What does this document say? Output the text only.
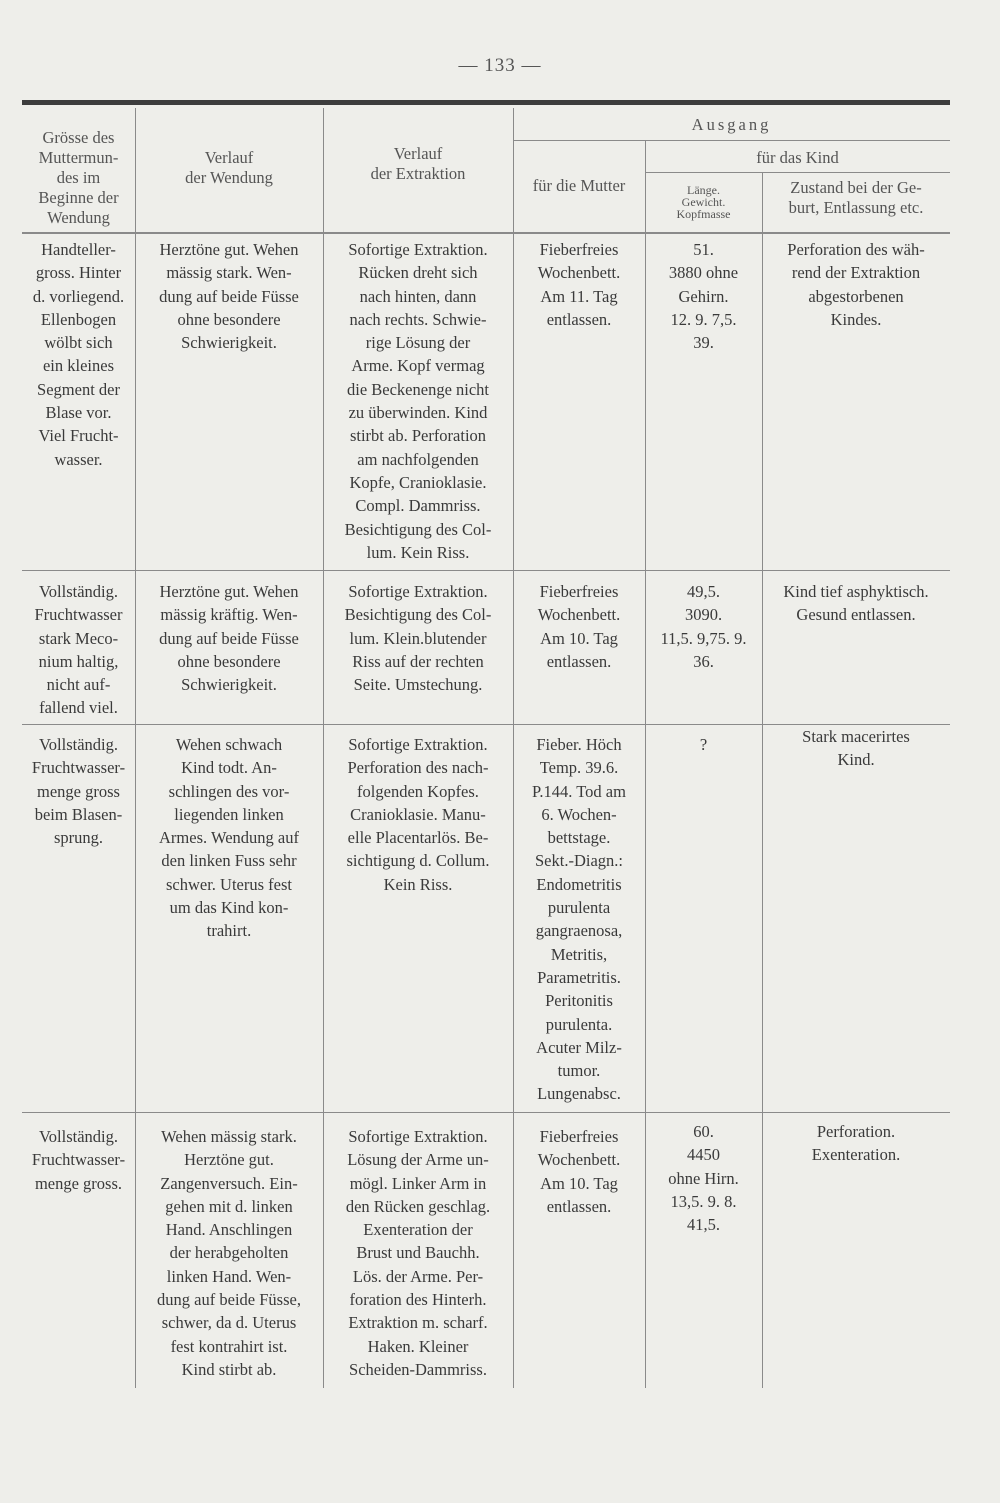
— 133 —
Grösse des
Muttermun-
des im
Beginne der
Wendung
Verlauf
der Wendung
Verlauf
der Extraktion
Ausgang
für die Mutter
für das Kind
Länge.
Gewicht.
Kopfmasse
Zustand bei der Ge-
burt, Entlassung etc.
Handteller-
gross. Hinter
d. vorliegend.
Ellenbogen
wölbt sich
ein kleines
Segment der
Blase vor.
Viel Frucht-
wasser.
Herztöne gut. Wehen
mässig stark. Wen-
dung auf beide Füsse
ohne besondere
Schwierigkeit.
Sofortige Extraktion.
Rücken dreht sich
nach hinten, dann
nach rechts. Schwie-
rige Lösung der
Arme. Kopf vermag
die Beckenenge nicht
zu überwinden. Kind
stirbt ab. Perforation
am nachfolgenden
Kopfe, Cranioklasie.
Compl. Dammriss.
Besichtigung des Col-
lum. Kein Riss.
Fieberfreies
Wochenbett.
Am 11. Tag
entlassen.
51.
3880 ohne
Gehirn.
12. 9. 7,5.
39.
Perforation des wäh-
rend der Extraktion
abgestorbenen
Kindes.
Vollständig.
Fruchtwasser
stark Meco-
nium haltig,
nicht auf-
fallend viel.
Herztöne gut. Wehen
mässig kräftig. Wen-
dung auf beide Füsse
ohne besondere
Schwierigkeit.
Sofortige Extraktion.
Besichtigung des Col-
lum. Klein.blutender
Riss auf der rechten
Seite. Umstechung.
Fieberfreies
Wochenbett.
Am 10. Tag
entlassen.
49,5.
3090.
11,5. 9,75. 9.
36.
Kind tief asphyktisch.
Gesund entlassen.
Vollständig.
Fruchtwasser-
menge gross
beim Blasen-
sprung.
Wehen schwach
Kind todt. An-
schlingen des vor-
liegenden linken
Armes. Wendung auf
den linken Fuss sehr
schwer. Uterus fest
um das Kind kon-
trahirt.
Sofortige Extraktion.
Perforation des nach-
folgenden Kopfes.
Cranioklasie. Manu-
elle Placentarlös. Be-
sichtigung d. Collum.
Kein Riss.
Fieber. Höch
Temp. 39.6.
P.144. Tod am
6. Wochen-
bettstage.
Sekt.-Diagn.:
Endometritis
purulenta
gangraenosa,
Metritis,
Parametritis.
Peritonitis
purulenta.
Acuter Milz-
tumor.
Lungenabsc.
?	Stark macerirtes
Kind.
Vollständig.
Fruchtwasser-
menge gross.
Wehen mässig stark.
Herztöne gut.
Zangenversuch. Ein-
gehen mit d. linken
Hand. Anschlingen
der herabgeholten
linken Hand. Wen-
dung auf beide Füsse,
schwer, da d. Uterus
fest kontrahirt ist.
Kind stirbt ab.
Sofortige Extraktion.
Lösung der Arme un-
mögl. Linker Arm in
den Rücken geschlag.
Exenteration der
Brust und Bauchh.
Lös. der Arme. Per-
foration des Hinterh.
Extraktion m. scharf.
Haken. Kleiner
Scheiden-Dammriss.
Fieberfreies
Wochenbett.
Am 10. Tag
entlassen.
60.
4450
ohne Hirn.
13,5. 9. 8.
41,5.
Perforation.
Exenteration.
